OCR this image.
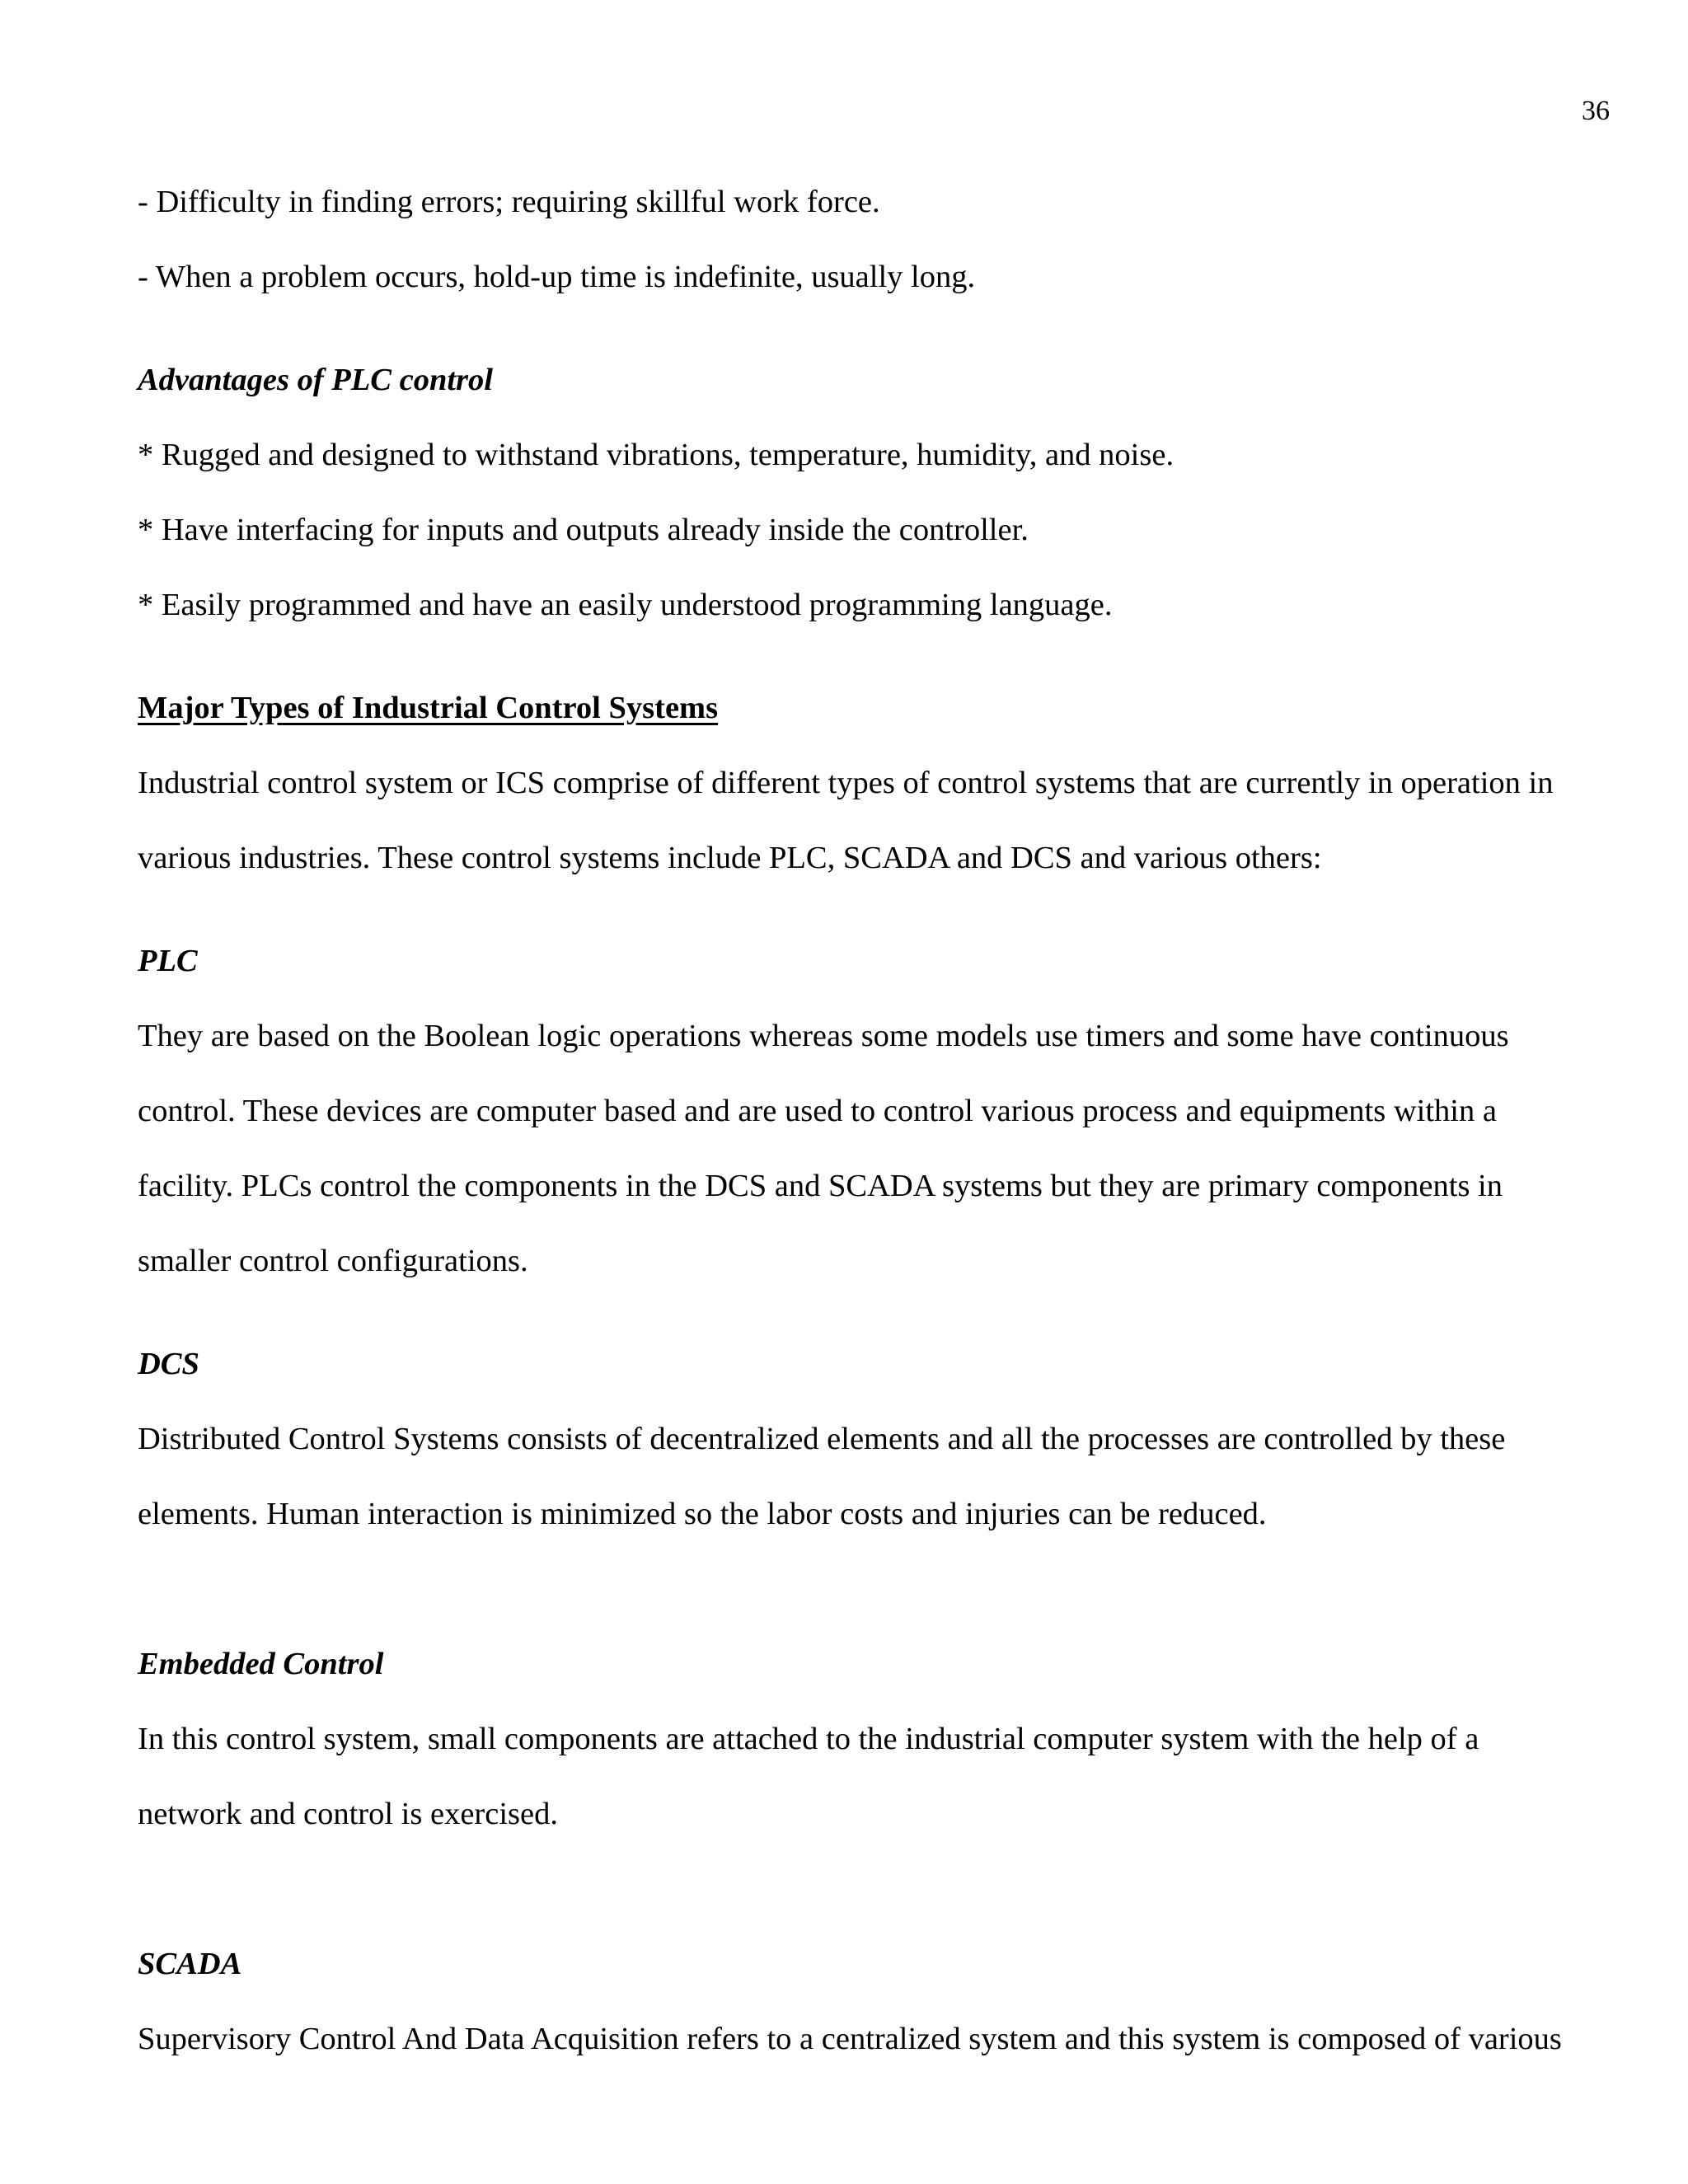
36

- Difficulty in finding errors; requiring skillful work force.

- When a problem occurs, hold-up time is indefinite, usually long.

Advantages of PLC control

* Rugged and designed to withstand vibrations, temperature, humidity, and noise.

* Have interfacing for inputs and outputs already inside the controller.

* Easily programmed and have an easily understood programming language.

Major Types of Industrial Control Systems

Industrial control system or ICS comprise of different types of control systems that are currently in operation in

various industries. These control systems include PLC, SCADA and DCS and various others:

PLC

They are based on the Boolean logic operations whereas some models use timers and some have continuous

control. These devices are computer based and are used to control various process and equipments within a

facility. PLCs control the components in the DCS and SCADA systems but they are primary components in

smaller control configurations.

DCS

Distributed Control Systems consists of decentralized elements and all the processes are controlled by these

elements. Human interaction is minimized so the labor costs and injuries can be reduced.

Embedded Control

In this control system, small components are attached to the industrial computer system with the help of a

network and control is exercised.

SCADA

Supervisory Control And Data Acquisition refers to a centralized system and this system is composed of various
